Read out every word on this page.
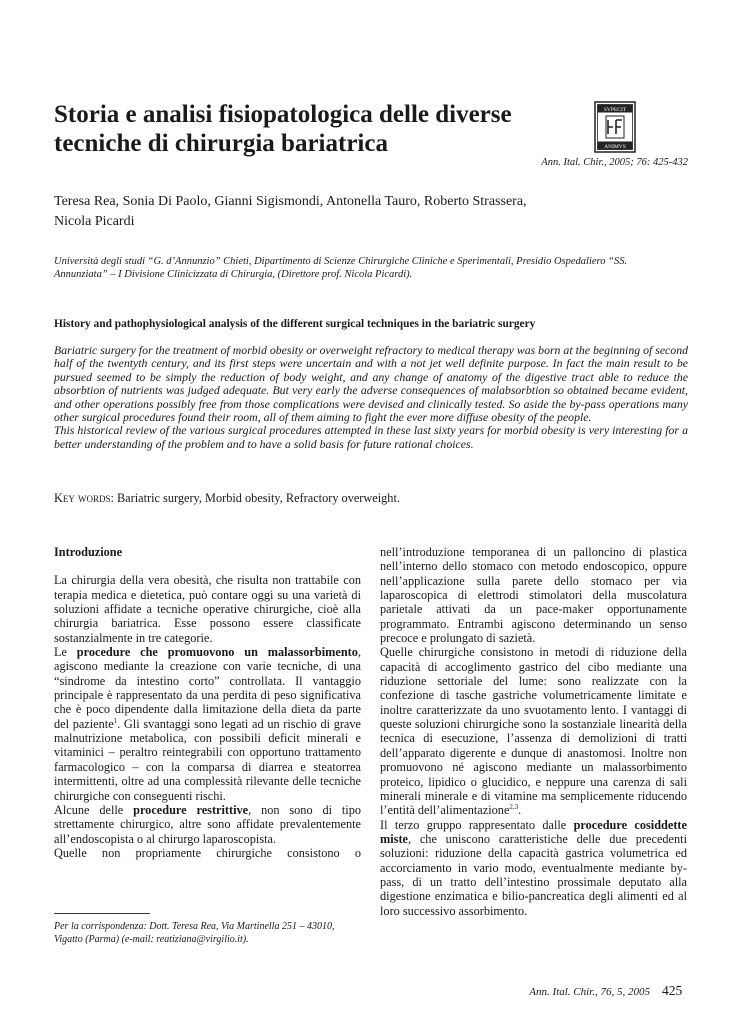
Storia e analisi fisiopatologica delle diverse
tecniche di chirurgia bariatrica
SVPECIT
ANIMVS
Ann. Ital. Chir., 2005; 76: 425-432
Teresa Rea, Sonia Di Paolo, Gianni Sigismondi, Antonella Tauro, Roberto Strassera,
Nicola Picardi
Università degli studi “G. d’Annunzio” Chieti, Dipartimento di Scienze Chirurgiche Cliniche e Sperimentali, Presidio Ospedaliero “SS.
Annunziata” – I Divisione Clinicizzata di Chirurgia, (Direttore prof. Nicola Picardi).
History and pathophysiological analysis of the different surgical techniques in the bariatric surgery

Bariatric surgery for the treatment of morbid obesity or overweight refractory to medical therapy was born at the beginning of second half of the twentyth century, and its first steps were uncertain and with a not jet well definite purpose. In fact the main result to be pursued seemed to be simply the reduction of body weight, and any change of anatomy of the digestive tract able to reduce the absorbtion of nutrients was judged adequate. But very early the adverse consequences of malabsorbtion so obtained became evident, and other operations possibly free from those complications were devised and clinically tested. So aside the by-pass operations many other surgical procedures found their room, all of them aiming to fight the ever more diffuse obesity of the people.

This historical review of the various surgical procedures attempted in these last sixty years for morbid obesity is very interesting for a better understanding of the problem and to have a solid basis for future rational choices.

Key words: Bariatric surgery, Morbid obesity, Refractory overweight.
Introduzione

La chirurgia della vera obesità, che risulta non trattabile con terapia medica e dietetica, può contare oggi su una varietà di soluzioni affidate a tecniche operative chirurgiche, cioè alla chirurgia bariatrica. Esse possono essere classificate sostanzialmente in tre categorie.

Le procedure che promuovono un malassorbimento, agiscono mediante la creazione con varie tecniche, di una “sindrome da intestino corto” controllata. Il vantaggio principale è rappresentato da una perdita di peso significativa che è poco dipendente dalla limitazione della dieta da parte del paziente$^1$. Gli svantaggi sono legati ad un rischio di grave malnutrizione metabolica, con possibili deficit minerali e vitaminici – peraltro reintegrabili con opportuno trattamento farmacologico – con la comparsa di diarrea e steatorrea intermittenti, oltre ad una complessità rilevante delle tecniche chirurgiche con conseguenti rischi.

Alcune delle procedure restrittive, non sono di tipo strettamente chirurgico, altre sono affidate prevalentemente all’endoscopista o al chirurgo laparoscopista.

Quelle non propriamente chirurgiche consistono o

nell’introduzione temporanea di un palloncino di plastica nell’interno dello stomaco con metodo endoscopico, oppure nell’applicazione sulla parete dello stomaco per via laparoscopica di elettrodi stimolatori della muscolatura parietale attivati da un pace-maker opportunamente programmato. Entrambi agiscono determinando un senso precoce e prolungato di sazietà.

Quelle chirurgiche consistono in metodi di riduzione della capacità di accoglimento gastrico del cibo mediante una riduzione settoriale del lume: sono realizzate con la confezione di tasche gastriche volumetricamente limitate e inoltre caratterizzate da uno svuotamento lento. I vantaggi di queste soluzioni chirurgiche sono la sostanziale linearità della tecnica di esecuzione, l’assenza di demolizioni di tratti dell’apparato digerente e dunque di anastomosi. Inoltre non promuovono né agiscono mediante un malassorbimento proteico, lipidico o glucidico, e neppure una carenza di sali minerali minerale e di vitamine ma semplicemente riducendo l’entità dell’alimentazione$^{2,3}$.

Il terzo gruppo rappresentato dalle procedure cosiddette miste, che uniscono caratteristiche delle due precedenti soluzioni: riduzione della capacità gastrica volumetrica ed accorciamento in vario modo, eventualmente mediante by-pass, di un tratto dell’intestino prossimale deputato alla digestione enzimatica e bilio-pancreatica degli alimenti ed al loro successivo assorbimento.

Per la corrispondenza: Dott. Teresa Rea, Via Martinella 251 – 43010,
Vigatto (Parma) (e-mail: reatiziana@virgilio.it).
Ann. Ital. Chir., 76, 5, 2005 425
